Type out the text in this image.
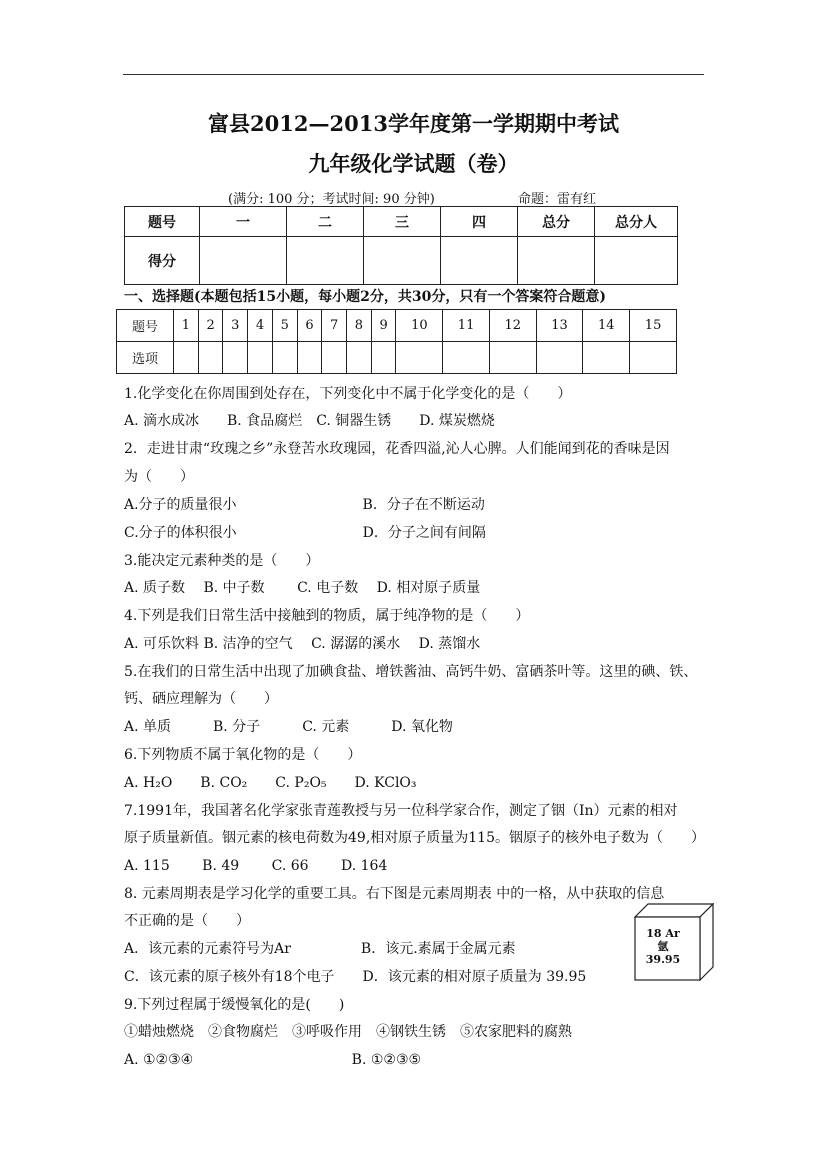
富县2012—2013学年度第一学期期中考试
九年级化学试题（卷）
(满分: 100 分；考试时间: 90 分钟)	命题：雷有红
题号	一	二	三	四	总分	总分人
得分						
一、选择题(本题包括15小题，每小题2分，共30分，只有一个答案符合题意)
题号	1	2	3	4	5	6	7	8	9	10	11	12	13	14	15
选项															
1.化学变化在你周围到处存在，下列变化中不属于化学变化的是（　　）
A. 滴水成冰　　B. 食品腐烂　C. 铜器生锈　　D. 煤炭燃烧
2．走进甘肃“玫瑰之乡”永登苦水玫瑰园，花香四溢,沁人心脾。人们能闻到花的香味是因
为（　　）
A.分子的质量很小　　　　　　　　　B．分子在不断运动
C.分子的体积很小　　　　　　　　　D．分子之间有间隔
3.能决定元素种类的是（　　）
A. 质子数　 B. 中子数　　 C. 电子数　 D. 相对原子质量
4.下列是我们日常生活中接触到的物质，属于纯净物的是（　　）
A. 可乐饮料 B. 洁净的空气　 C. 潺潺的溪水　 D. 蒸馏水
5.在我们的日常生活中出现了加碘食盐、增铁酱油、高钙牛奶、富硒茶叶等。这里的碘、铁、
钙、硒应理解为（　　）
A. 单质　　　B. 分子　　　C. 元素　　　D. 氧化物
6.下列物质不属于氧化物的是（　　）
A. H₂O　　B. CO₂　　C. P₂O₅　　D. KClO₃
7.1991年，我国著名化学家张青莲教授与另一位科学家合作，测定了铟（In）元素的相对
原子质量新值。铟元素的核电荷数为49,相对原子质量为115。铟原子的核外电子数为（　　）
A. 115　　 B. 49　　 C. 66　　 D. 164
8. 元素周期表是学习化学的重要工具。右下图是元素周期表 中的一格，从中获取的信息
不正确的是（　　）
A．该元素的元素符号为Ar　　　　　B．该元.素属于金属元素
C．该元素的原子核外有18个电子　　D．该元素的相对原子质量为 39.95
9.下列过程属于缓慢氧化的是(　　)
①蜡烛燃烧　②食物腐烂　③呼吸作用　④钢铁生锈　⑤农家肥料的腐熟
A. ①②③④　　　　　　　　　　　 B. ①②③⑤
18 Ar
氩
39.95
